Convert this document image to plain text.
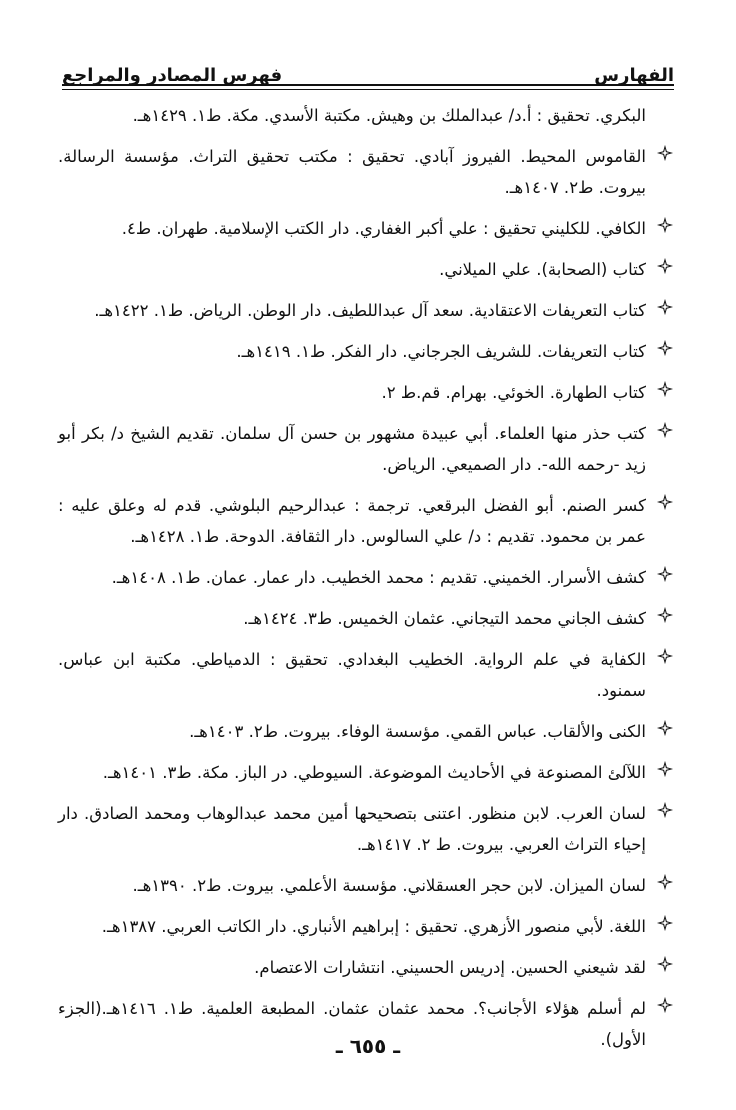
الفهارس
فهرس المصادر والمراجع
البكري. تحقيق : أ.د/ عبدالملك بن وهيش. مكتبة الأسدي. مكة. ط١. ١٤٢٩هـ.
القاموس المحيط. الفيروز آبادي. تحقيق : مكتب تحقيق التراث. مؤسسة الرسالة. بيروت. ط٢. ١٤٠٧هـ.
الكافي. للكليني تحقيق : علي أكبر الغفاري. دار الكتب الإسلامية. طهران. ط٤.
كتاب (الصحابة). علي الميلاني.
كتاب التعريفات الاعتقادية. سعد آل عبداللطيف. دار الوطن. الرياض. ط١. ١٤٢٢هـ.
كتاب التعريفات. للشريف الجرجاني. دار الفكر. ط١. ١٤١٩هـ.
كتاب الطهارة. الخوئي. بهرام. قم.ط ٢.
كتب حذر منها العلماء. أبي عبيدة مشهور بن حسن آل سلمان. تقديم الشيخ د/ بكر أبو زيد -رحمه الله-. دار الصميعي. الرياض.
كسر الصنم. أبو الفضل البرقعي. ترجمة : عبدالرحيم البلوشي. قدم له وعلق عليه : عمر بن محمود. تقديم : د/ علي السالوس. دار الثقافة. الدوحة. ط١. ١٤٢٨هـ.
كشف الأسرار. الخميني. تقديم : محمد الخطيب. دار عمار. عمان. ط١. ١٤٠٨هـ.
كشف الجاني محمد التيجاني. عثمان الخميس. ط٣. ١٤٢٤هـ.
الكفاية في علم الرواية. الخطيب البغدادي. تحقيق : الدمياطي. مكتبة ابن عباس. سمنود.
الكنى والألقاب. عباس القمي. مؤسسة الوفاء. بيروت. ط٢. ١٤٠٣هـ.
اللآلئ المصنوعة في الأحاديث الموضوعة. السيوطي. در الباز. مكة. ط٣. ١٤٠١هـ.
لسان العرب. لابن منظور. اعتنى بتصحيحها أمين محمد عبدالوهاب ومحمد الصادق. دار إحياء التراث العربي. بيروت. ط ٢. ١٤١٧هـ.
لسان الميزان. لابن حجر العسقلاني. مؤسسة الأعلمي. بيروت. ط٢. ١٣٩٠هـ.
اللغة. لأبي منصور الأزهري. تحقيق : إبراهيم الأنباري. دار الكاتب العربي. ١٣٨٧هـ.
لقد شيعني الحسين. إدريس الحسيني. انتشارات الاعتصام.
لم أسلم هؤلاء الأجانب؟. محمد عثمان عثمان. المطبعة العلمية. ط١. ١٤١٦هـ.(الجزء الأول).
ـ ٦٥٥ ـ
